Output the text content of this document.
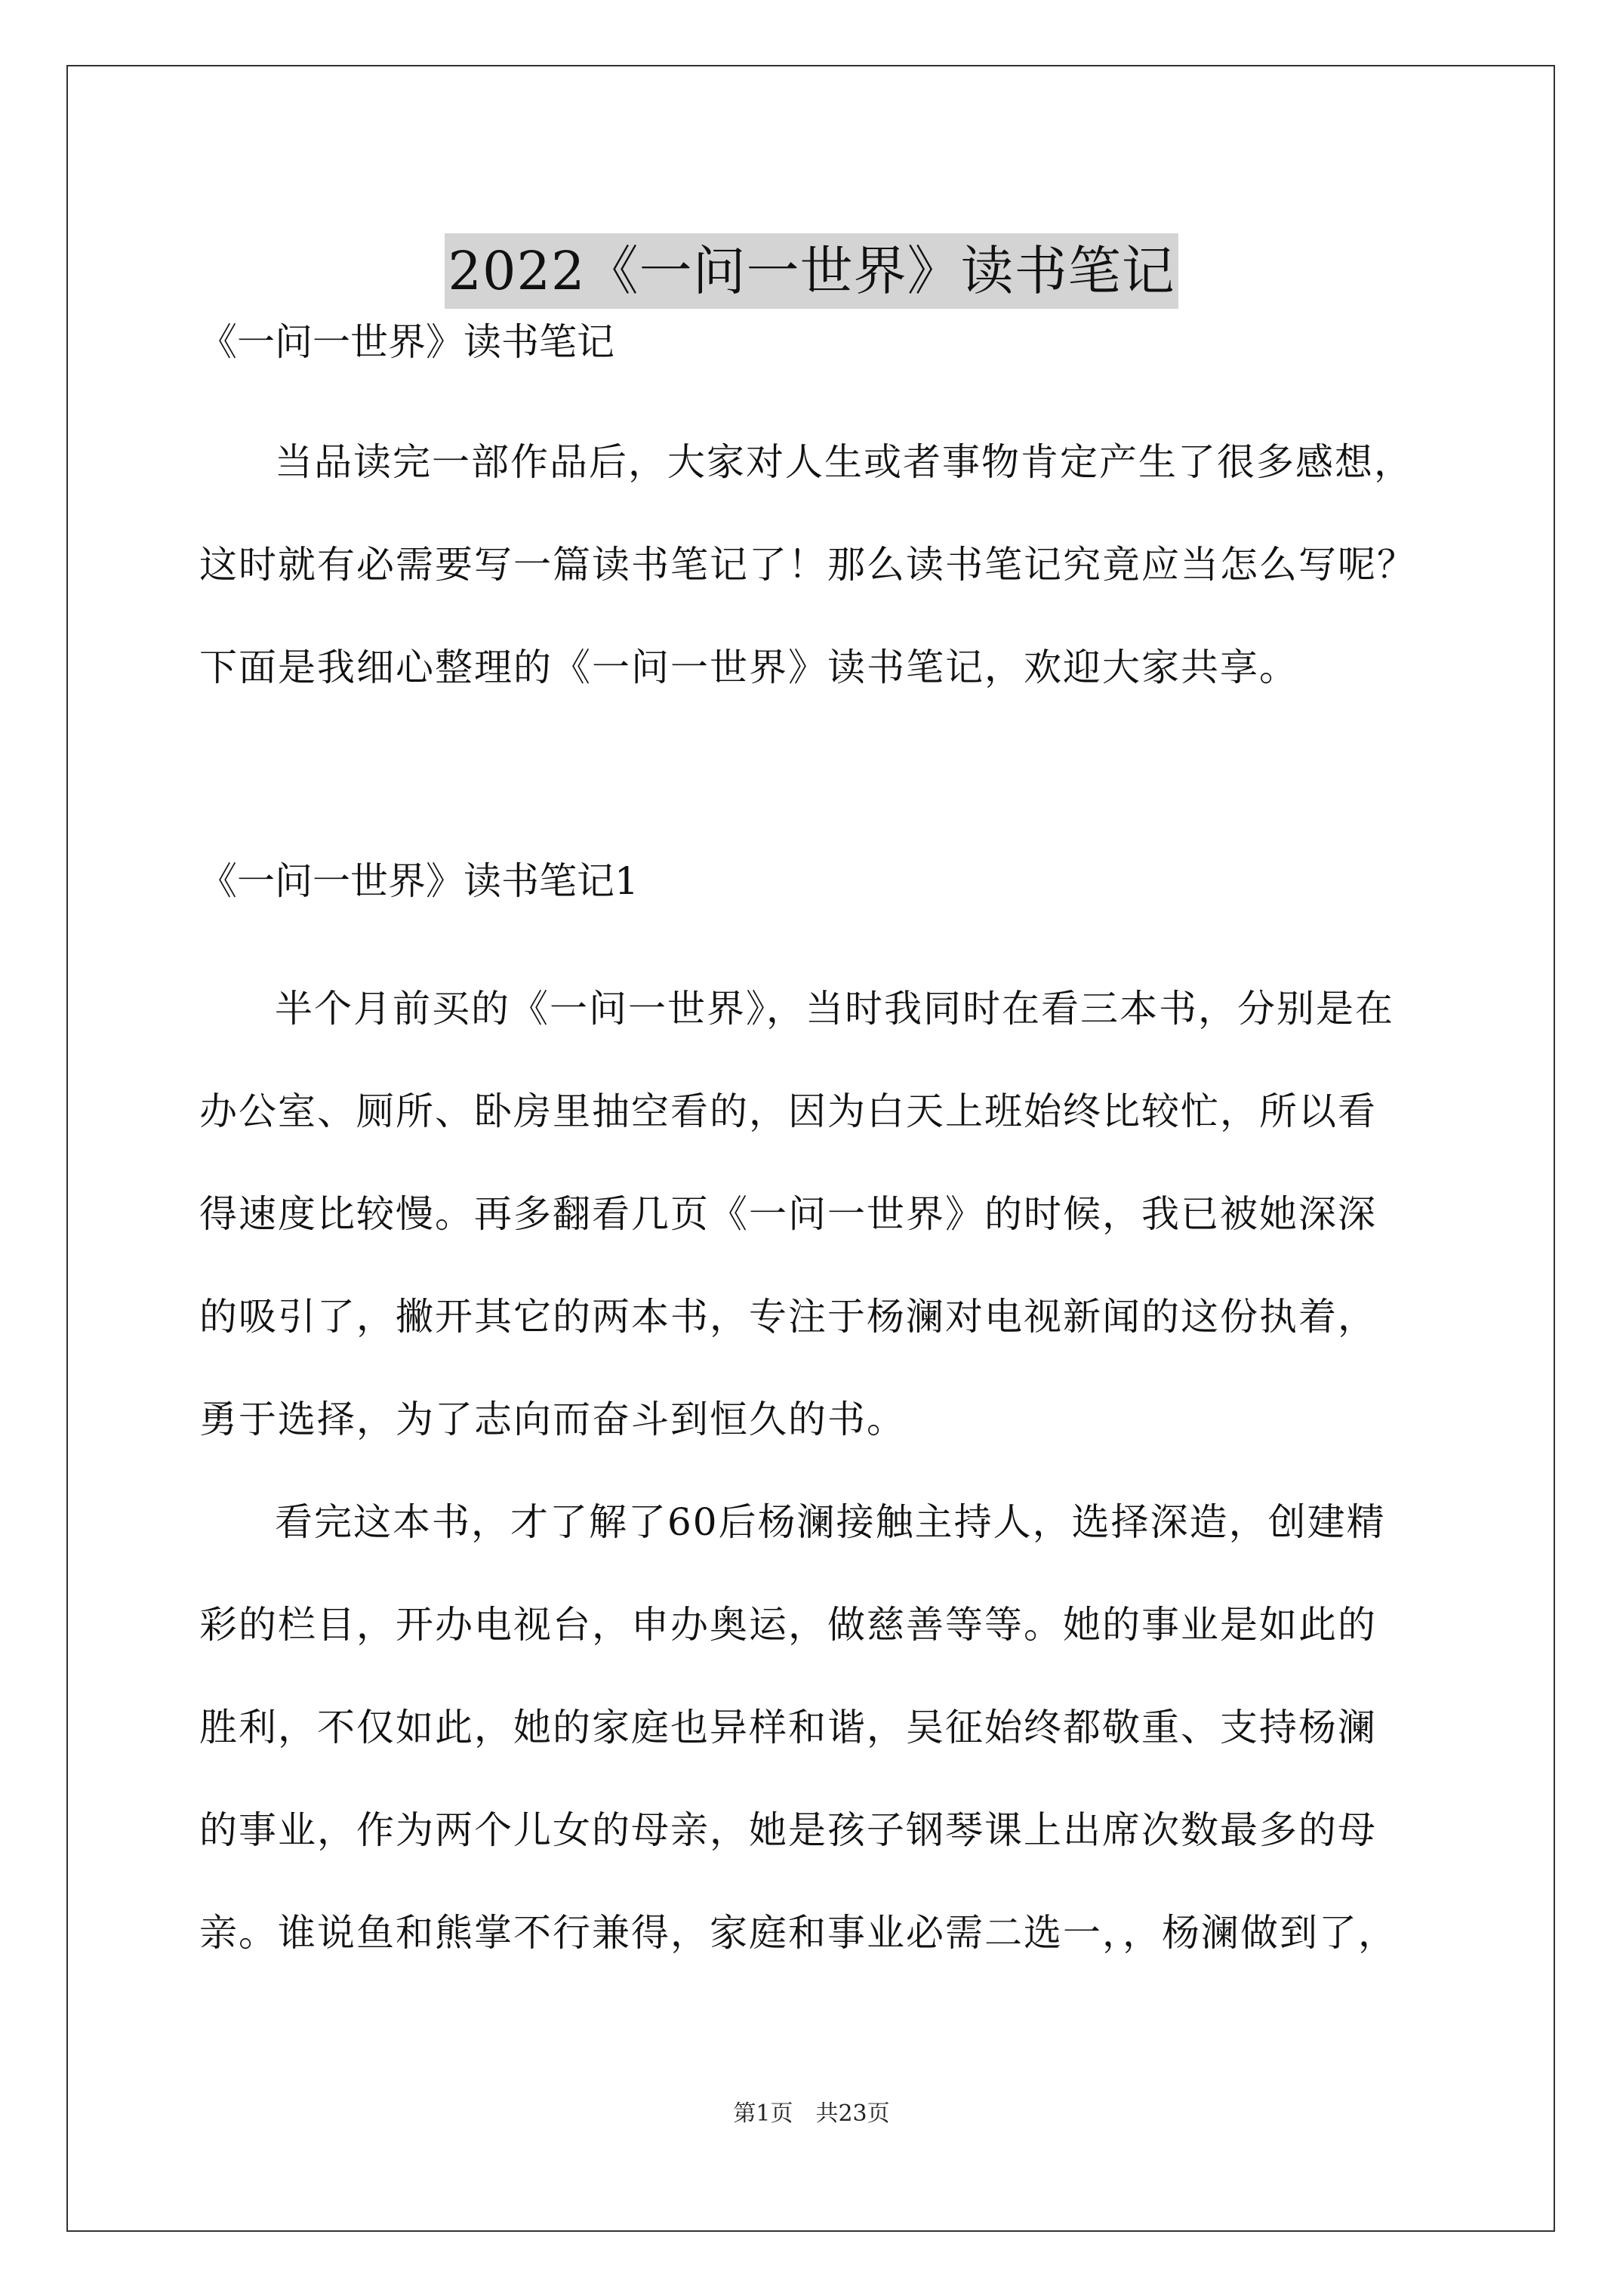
2022《一问一世界》读书笔记

《一问一世界》读书笔记

当品读完一部作品后，大家对人生或者事物肯定产生了很多感想，
这时就有必需要写一篇读书笔记了！那么读书笔记究竟应当怎么写呢？
下面是我细心整理的《一问一世界》读书笔记，欢迎大家共享。

《一问一世界》读书笔记1

半个月前买的《一问一世界》，当时我同时在看三本书，分别是在
办公室、厕所、卧房里抽空看的，因为白天上班始终比较忙，所以看
得速度比较慢。再多翻看几页《一问一世界》的时候，我已被她深深
的吸引了，撇开其它的两本书，专注于杨澜对电视新闻的这份执着，
勇于选择，为了志向而奋斗到恒久的书。

看完这本书，才了解了60后杨澜接触主持人，选择深造，创建精
彩的栏目，开办电视台，申办奥运，做慈善等等。她的事业是如此的
胜利，不仅如此，她的家庭也异样和谐，吴征始终都敬重、支持杨澜
的事业，作为两个儿女的母亲，她是孩子钢琴课上出席次数最多的母
亲。谁说鱼和熊掌不行兼得，家庭和事业必需二选一，，杨澜做到了，

第1页 共23页
